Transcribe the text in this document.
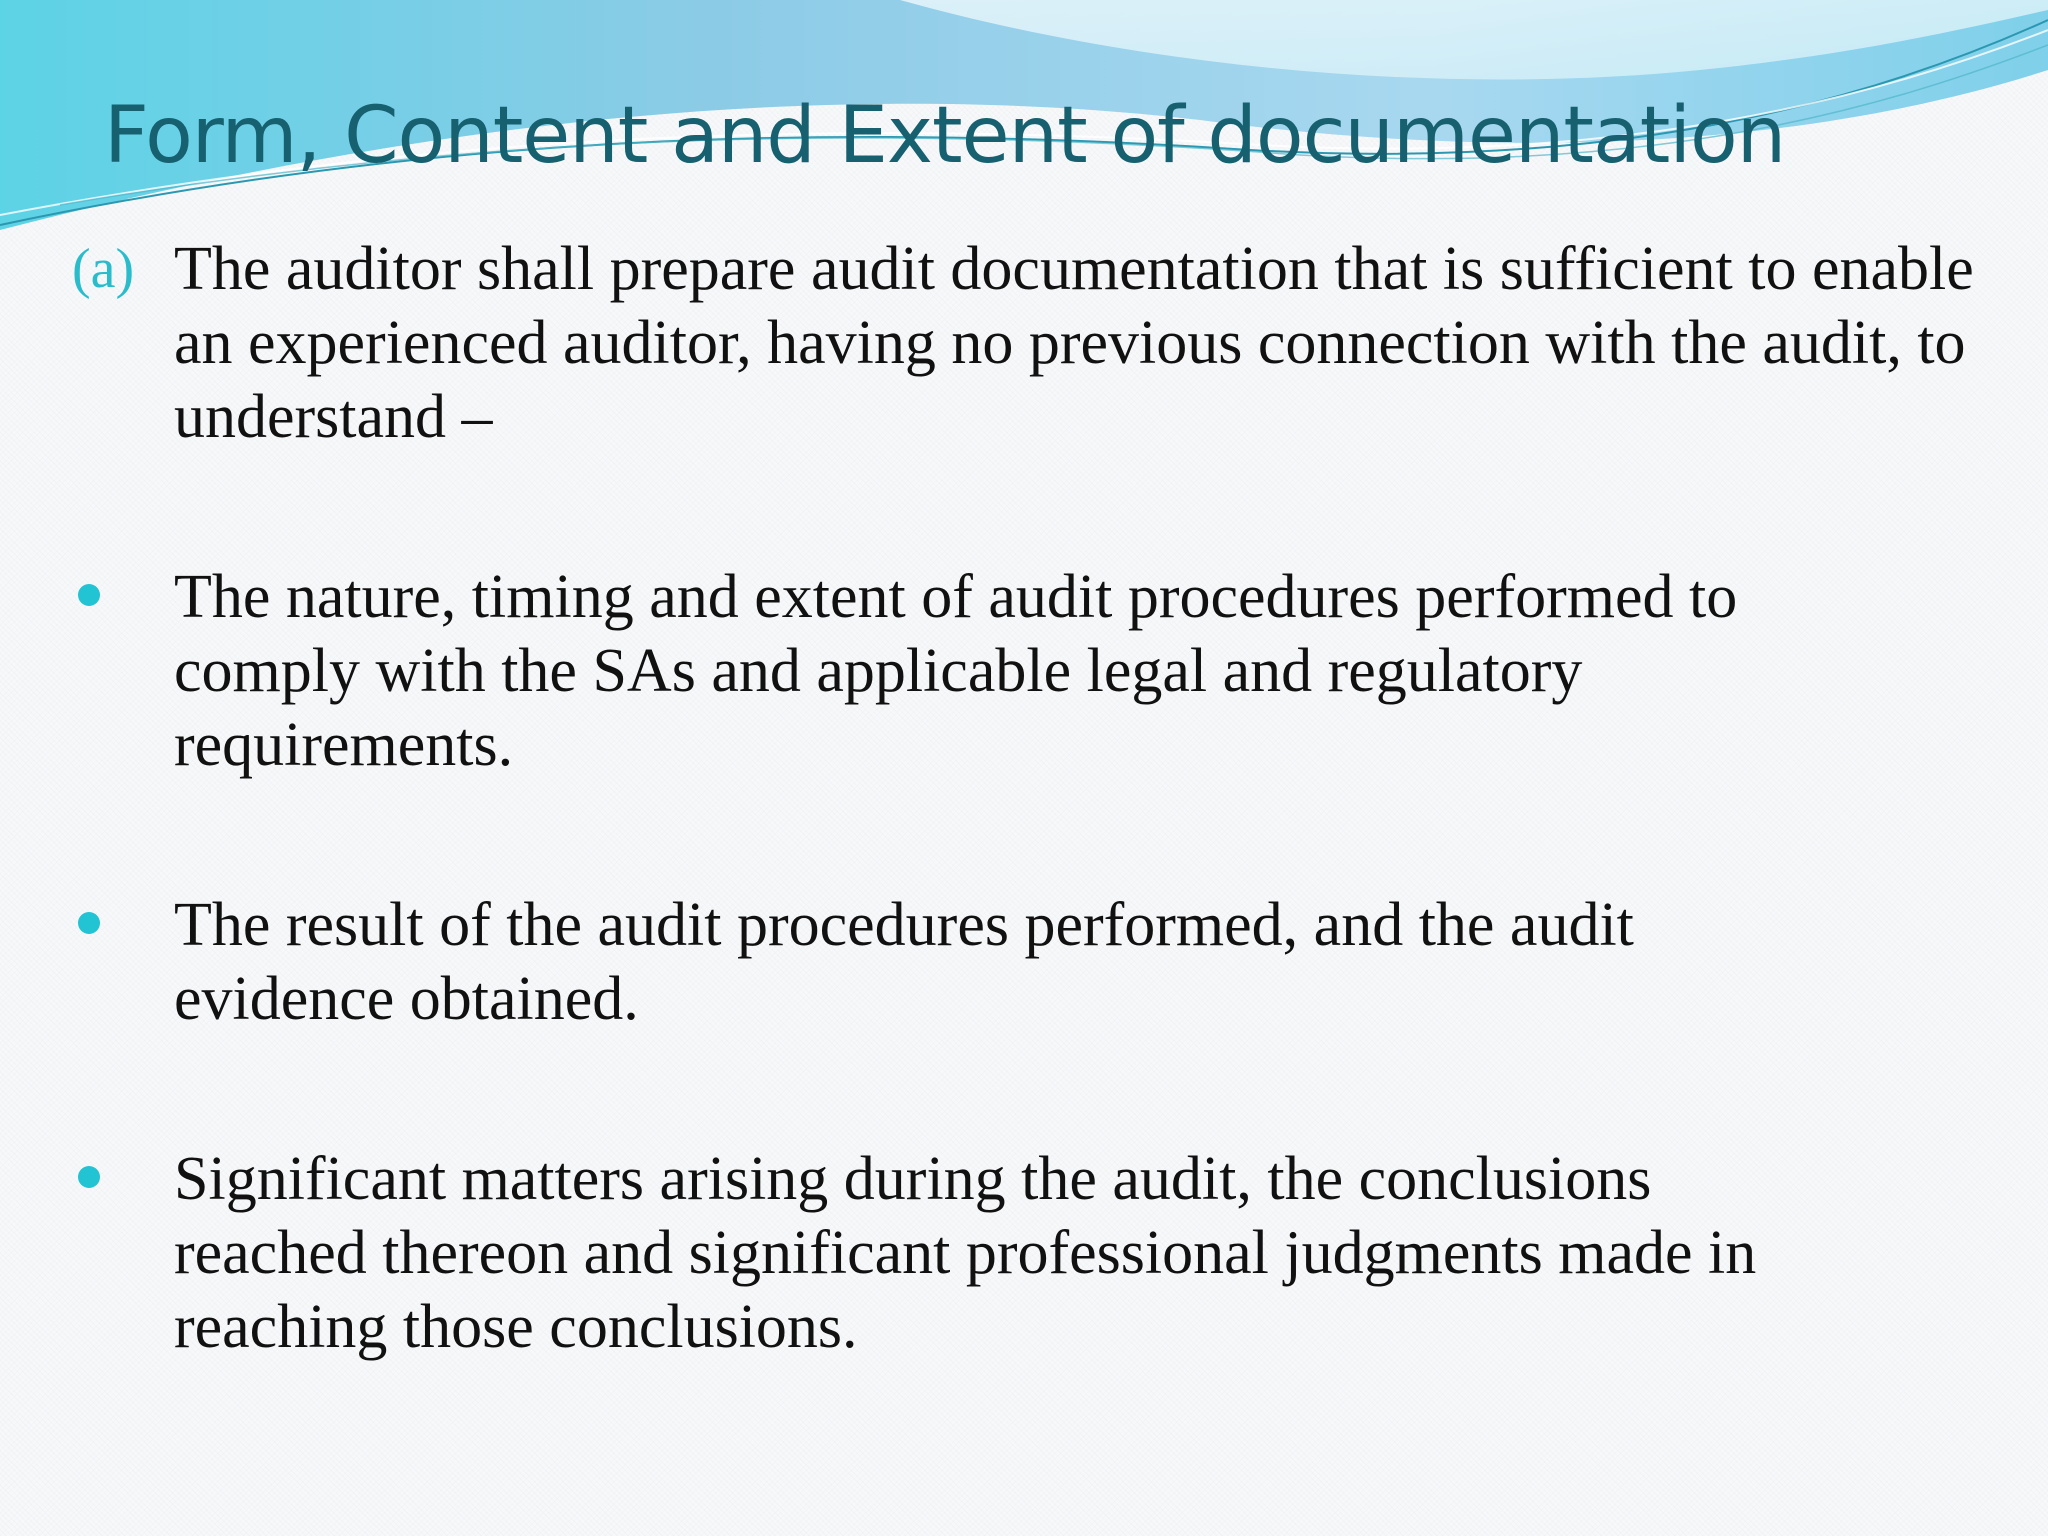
Form, Content and Extent of documentation
(a) The auditor shall prepare audit documentation that is sufficient to enable an experienced auditor, having no previous connection with the audit, to understand –

The nature, timing and extent of audit procedures performed to
comply with the SAs and applicable legal and regulatory
requirements.
The result of the audit procedures performed, and the audit
evidence obtained.
Significant matters arising during the audit, the conclusions
reached thereon and significant professional judgments made in
reaching those conclusions.
